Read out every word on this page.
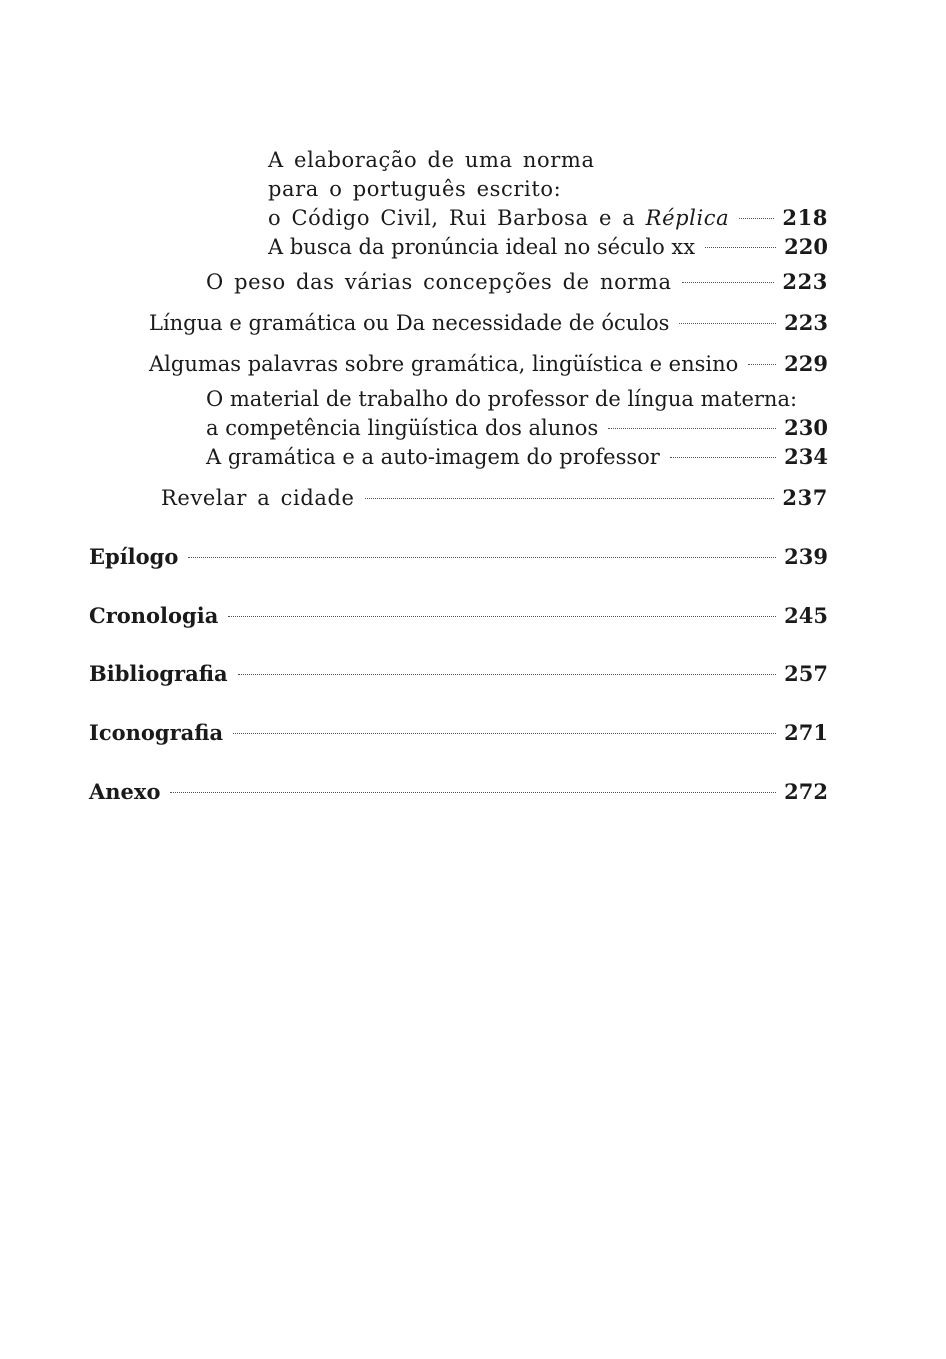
A elaboração de uma norma
para o português escrito:
o Código Civil, Rui Barbosa e a Réplica	218
A busca da pronúncia ideal no século xx	220
O peso das várias concepções de norma	223
Língua e gramática ou Da necessidade de óculos	223
Algumas palavras sobre gramática, lingüística e ensino 229
O material de trabalho do professor de língua materna:
a competência lingüística dos alunos	230
A gramática e a auto-imagem do professor	234
Revelar a cidade	237
Epílogo	239
Cronologia	245
Bibliografia	257
Iconografia	271
Anexo	272
